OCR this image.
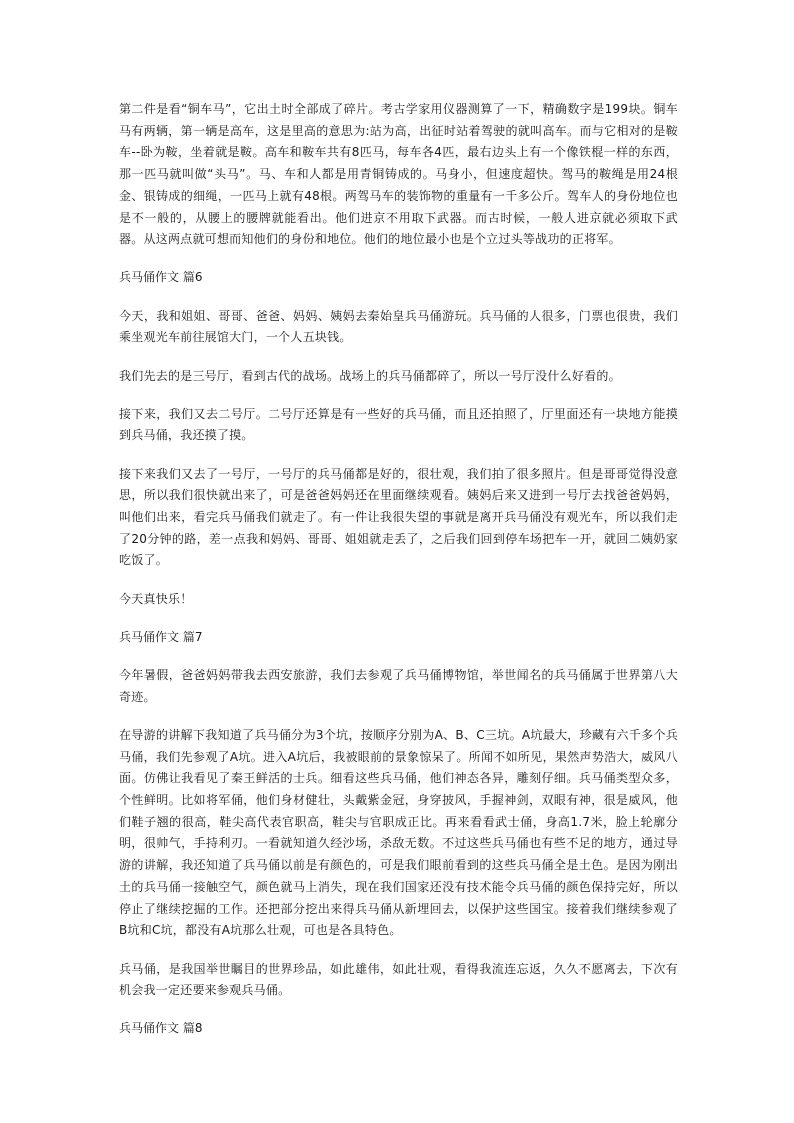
第二件是看“铜车马”，它出土时全部成了碎片。考古学家用仪器测算了一下，精确数字是199块。铜车马有两辆，第一辆是高车，这是里高的意思为:站为高，出征时站着驾驶的就叫高车。而与它相对的是鞍车--卧为鞍，坐着就是鞍。高车和鞍车共有8匹马，每车各4匹，最右边头上有一个像铁棍一样的东西，那一匹马就叫做“头马”。马、车和人都是用青铜铸成的。马身小，但速度超快。驾马的鞍绳是用24根金、银铸成的细绳，一匹马上就有48根。两驾马车的装饰物的重量有一千多公斤。驾车人的身份地位也是不一般的，从腰上的腰牌就能看出。他们进京不用取下武器。而古时候，一般人进京就必须取下武器。从这两点就可想而知他们的身份和地位。他们的地位最小也是个立过头等战功的正将军。

兵马俑作文 篇6

今天，我和姐姐、哥哥、爸爸、妈妈、姨妈去秦始皇兵马俑游玩。兵马俑的人很多，门票也很贵，我们乘坐观光车前往展馆大门，一个人五块钱。

我们先去的是三号厅，看到古代的战场。战场上的兵马俑都碎了，所以一号厅没什么好看的。

接下来，我们又去二号厅。二号厅还算是有一些好的兵马俑，而且还拍照了，厅里面还有一块地方能摸到兵马俑，我还摸了摸。

接下来我们又去了一号厅，一号厅的兵马俑都是好的，很壮观，我们拍了很多照片。但是哥哥觉得没意思，所以我们很快就出来了，可是爸爸妈妈还在里面继续观看。姨妈后来又进到一号厅去找爸爸妈妈，叫他们出来，看完兵马俑我们就走了。有一件让我很失望的事就是离开兵马俑没有观光车，所以我们走了20分钟的路，差一点我和妈妈、哥哥、姐姐就走丢了，之后我们回到停车场把车一开，就回二姨奶家吃饭了。

今天真快乐！

兵马俑作文 篇7

今年暑假，爸爸妈妈带我去西安旅游，我们去参观了兵马俑博物馆，举世闻名的兵马俑属于世界第八大奇迹。

在导游的讲解下我知道了兵马俑分为3个坑，按顺序分别为A、B、C三坑。A坑最大，珍藏有六千多个兵马俑，我们先参观了A坑。进入A坑后，我被眼前的景象惊呆了。所闻不如所见，果然声势浩大，威风八面。仿佛让我看见了秦王鲜活的士兵。细看这些兵马俑，他们神态各异，雕刻仔细。兵马俑类型众多，个性鲜明。比如将军俑，他们身材健壮，头戴紫金冠，身穿披风，手握神剑，双眼有神，很是威风，他们鞋子翘的很高，鞋尖高代表官职高，鞋尖与官职成正比。再来看看武士俑，身高1.7米，脸上轮廓分明，很帅气，手持利刃。一看就知道久经沙场，杀敌无数。不过这些兵马俑也有些不足的地方，通过导游的讲解，我还知道了兵马俑以前是有颜色的，可是我们眼前看到的这些兵马俑全是土色。是因为刚出土的兵马俑一接触空气，颜色就马上消失，现在我们国家还没有技术能令兵马俑的颜色保持完好，所以停止了继续挖掘的工作。还把部分挖出来得兵马俑从新埋回去，以保护这些国宝。接着我们继续参观了B坑和C坑，都没有A坑那么壮观，可也是各具特色。

兵马俑，是我国举世瞩目的世界珍品，如此雄伟，如此壮观，看得我流连忘返，久久不愿离去，下次有机会我一定还要来参观兵马俑。

兵马俑作文 篇8
